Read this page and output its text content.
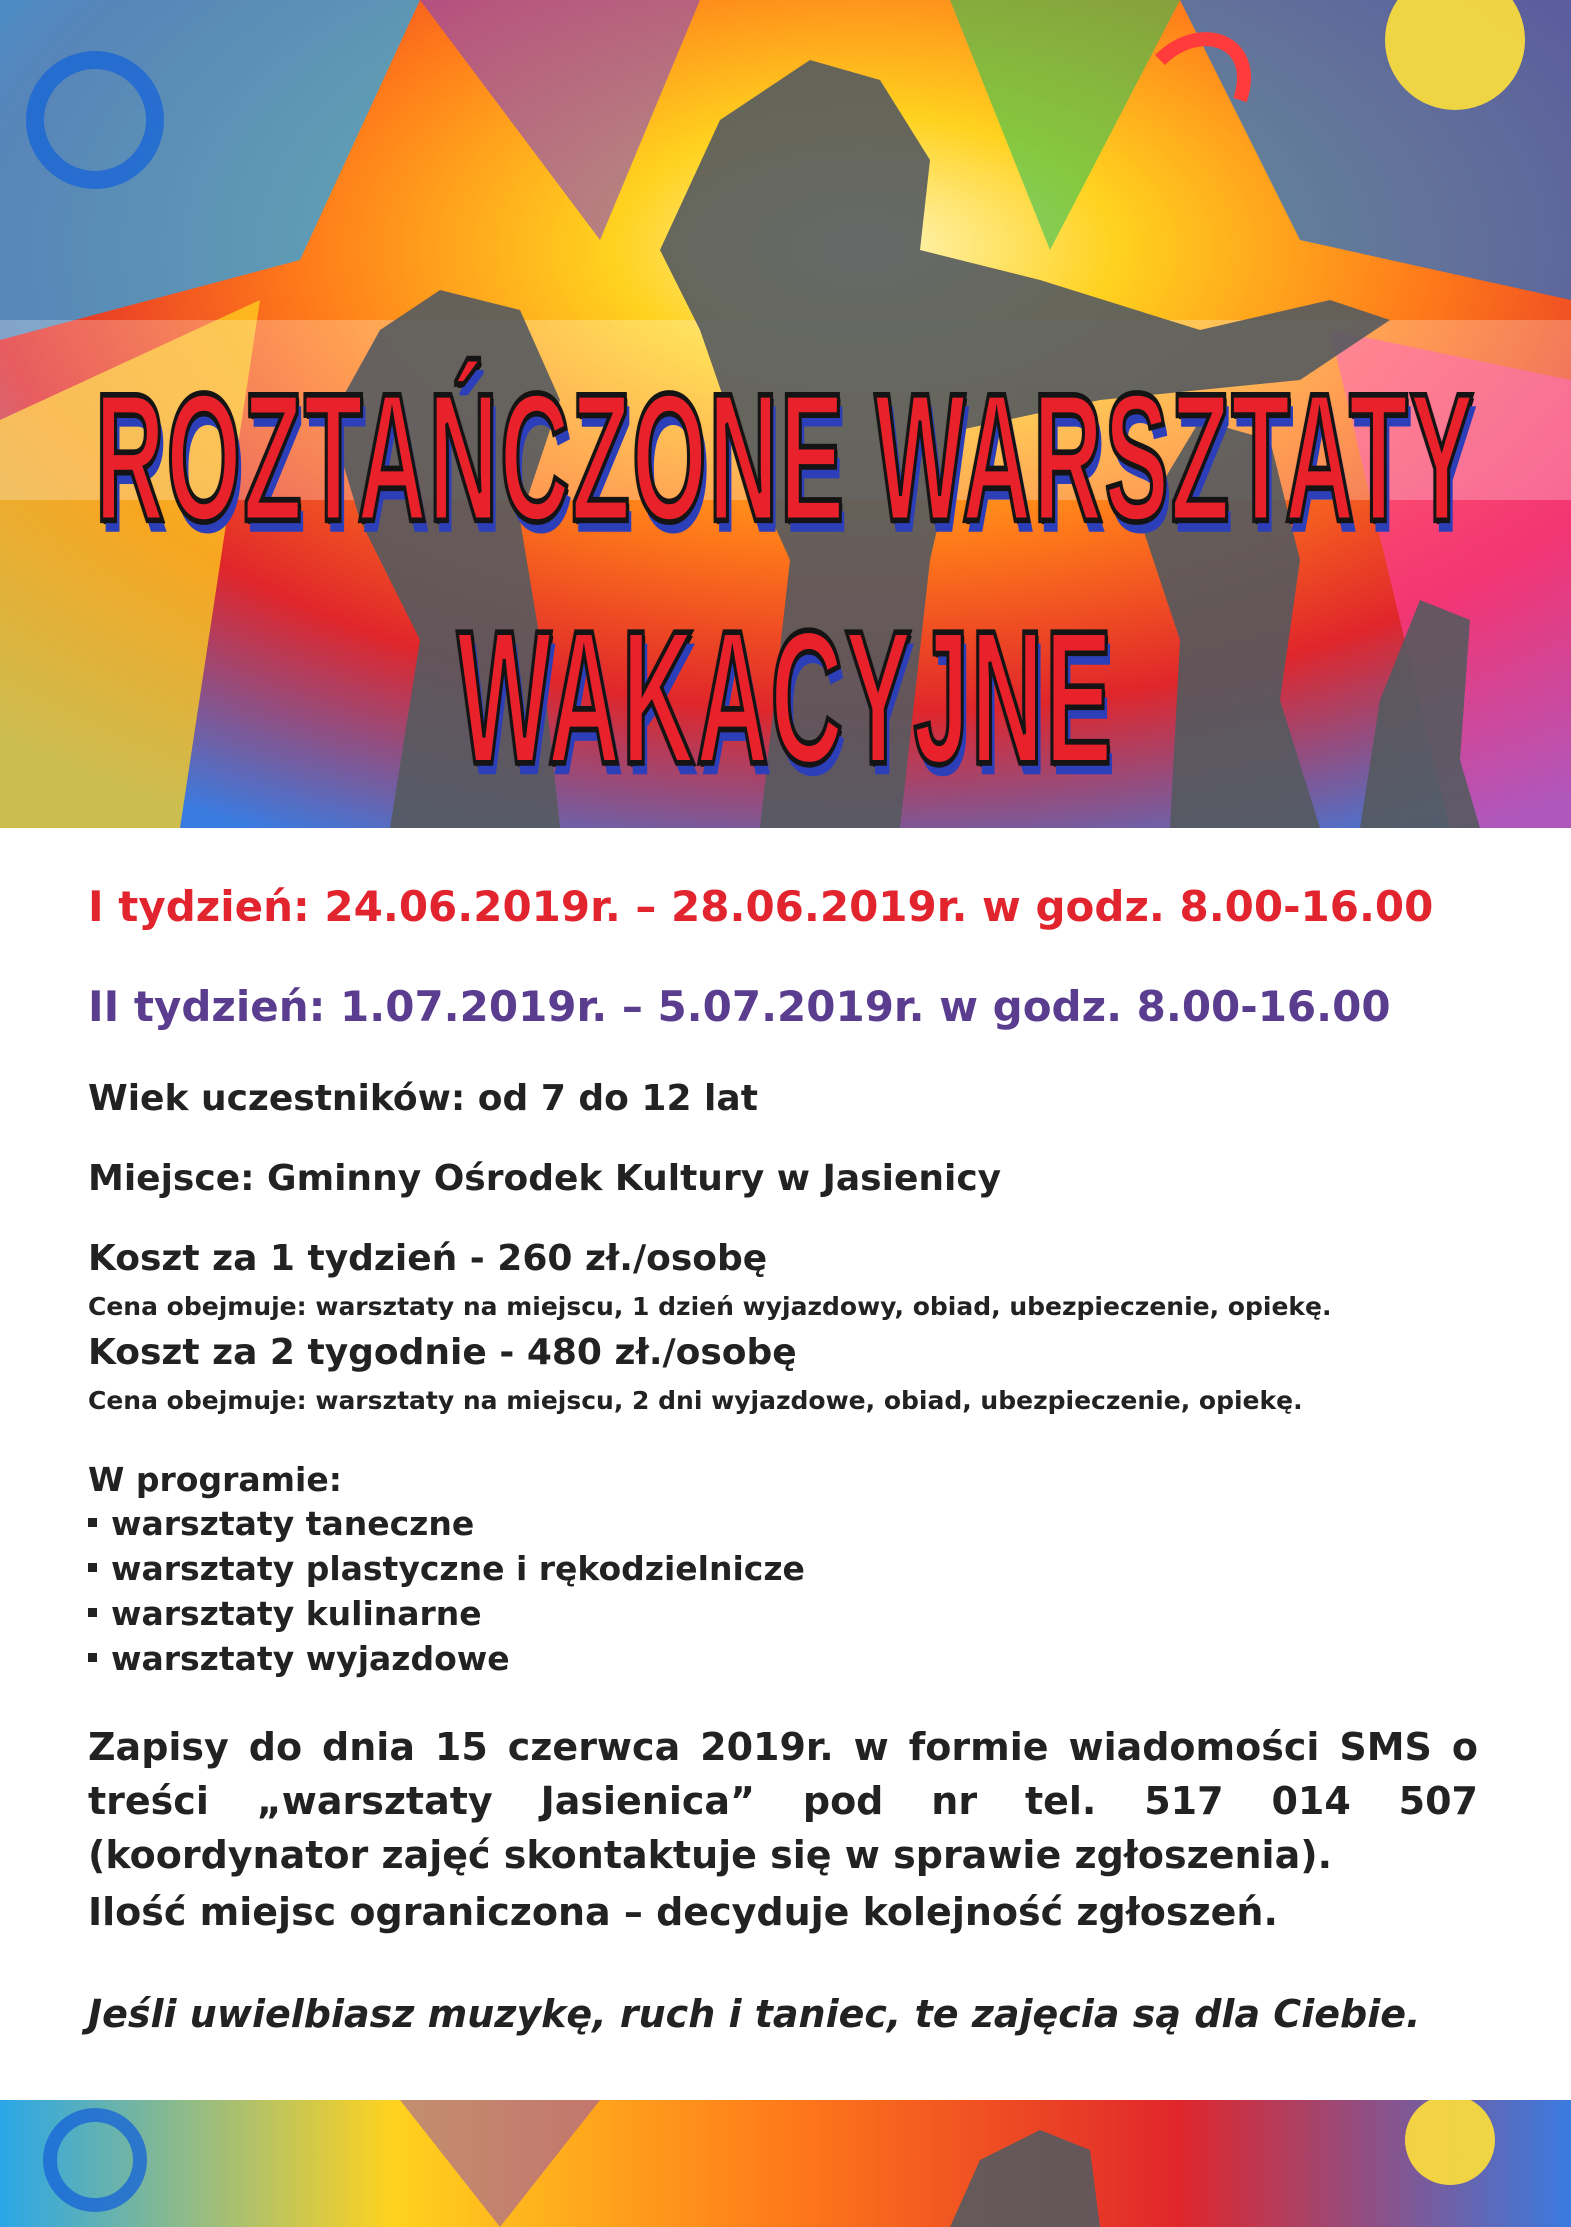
ROZTAŃCZONE WARSZTATY
WAKACYJNE

I tydzień: 24.06.2019r. – 28.06.2019r. w godz. 8.00-16.00

II tydzień: 1.07.2019r. – 5.07.2019r. w godz. 8.00-16.00

Wiek uczestników: od 7 do 12 lat
Miejsce: Gminny Ośrodek Kultury w Jasienicy
Koszt za 1 tydzień - 260 zł./osobę
Cena obejmuje: warsztaty na miejscu, 1 dzień wyjazdowy, obiad, ubezpieczenie, opiekę.
Koszt za 2 tygodnie - 480 zł./osobę
Cena obejmuje: warsztaty na miejscu, 2 dni wyjazdowe, obiad, ubezpieczenie, opiekę.
W programie:
warsztaty taneczne
warsztaty plastyczne i rękodzielnicze
warsztaty kulinarne
warsztaty wyjazdowe
Zapisy do dnia 15 czerwca 2019r. w formie wiadomości SMS o treści „warsztaty Jasienica” pod nr tel. 517 014 507 (koordynator zajęć skontaktuje się w sprawie zgłoszenia).
Ilość miejsc ograniczona – decyduje kolejność zgłoszeń.
Jeśli uwielbiasz muzykę, ruch i taniec, te zajęcia są dla Ciebie.
